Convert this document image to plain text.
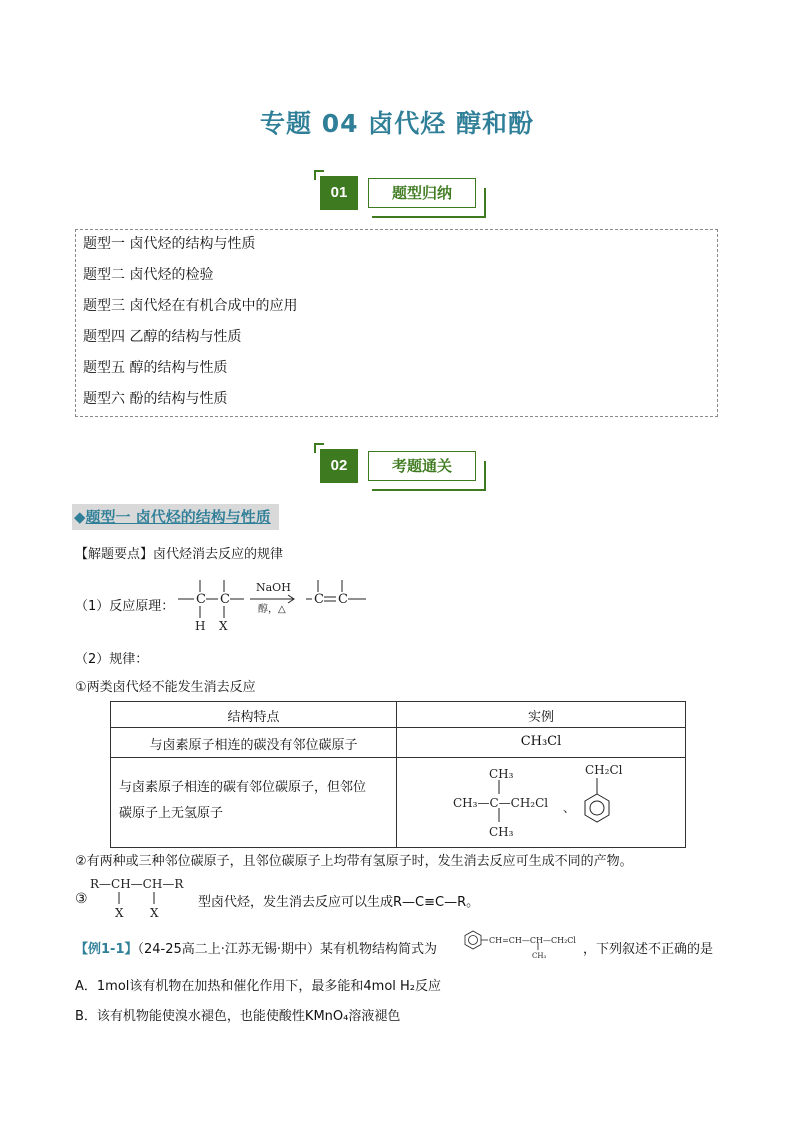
专题 04 卤代烃 醇和酚
01	题型归纳
题型一 卤代烃的结构与性质
题型二 卤代烃的检验
题型三 卤代烃在有机合成中的应用
题型四 乙醇的结构与性质
题型五 醇的结构与性质
题型六 酚的结构与性质
02	考题通关
◆题型一 卤代烃的结构与性质
【解题要点】卤代烃消去反应的规律
（1）反应原理： C C	C C
NaOH
醇，△
H X
（2）规律：
①两类卤代烃不能发生消去反应
结构特点	实例
与卤素原子相连的碳没有邻位碳原子	CH₃Cl
与卤素原子相连的碳有邻位碳原子，但邻位
碳原子上无氢原子
CH₃
CH₃—C—CH₂Cl 、
CH₃
CH₂Cl
②有两种或三种邻位碳原子，且邻位碳原子上均带有氢原子时，发生消去反应可生成不同的产物。
③
R—CH—CH—R
X X
型卤代烃，发生消去反应可以生成R—C≡C—R。
【例1-1】（24-25高二上·江苏无锡·期中）某有机物结构简式为
CH=CH—CH—CH₂Cl
CH₃	，下列叙述不正确的是
A．1mol该有机物在加热和催化作用下，最多能和4mol H₂反应
B．该有机物能使溴水褪色，也能使酸性KMnO₄溶液褪色
